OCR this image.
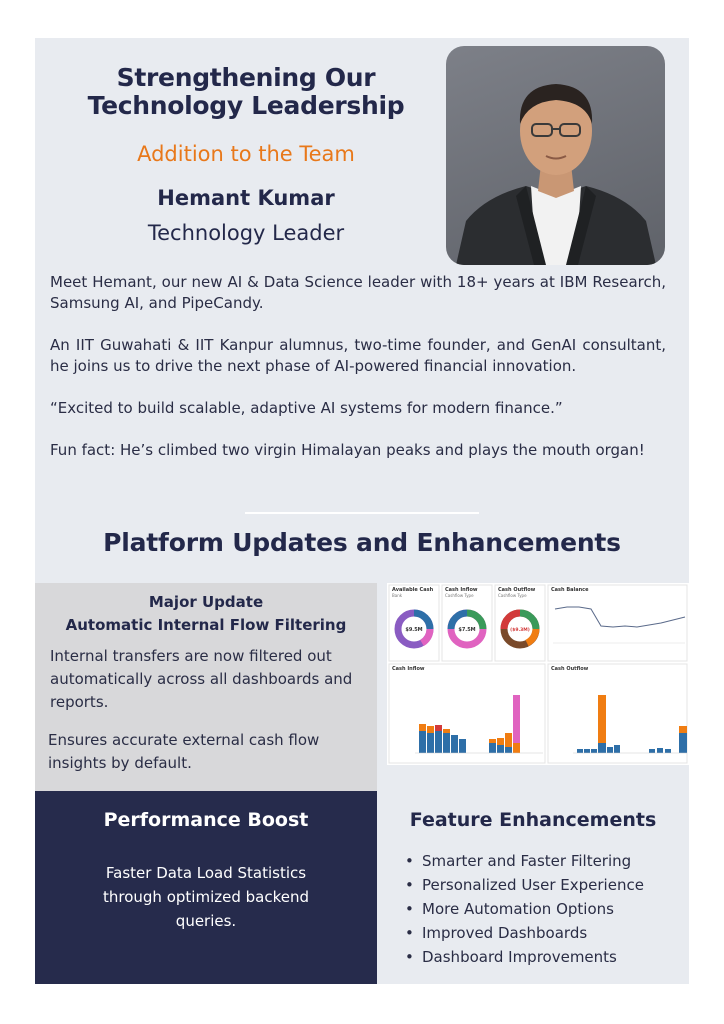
Strengthening Our
Technology Leadership
Addition to the Team
Hemant Kumar
Technology Leader

Meet Hemant, our new AI & Data Science leader with 18+ years at IBM Research, Samsung AI, and PipeCandy.

An IIT Guwahati & IIT Kanpur alumnus, two-time founder, and GenAI consultant, he joins us to drive the next phase of AI-powered financial innovation.

“Excited to build scalable, adaptive AI systems for modern finance.”

Fun fact: He’s climbed two virgin Himalayan peaks and plays the mouth organ!

Platform Updates and Enhancements
Major Update
Automatic Internal Flow Filtering
Internal transfers are now filtered out automatically across all dashboards and reports.
Ensures accurate external cash flow insights by default.
Available Cash Cash Inflow	Cash Outflow
Bank	Cashflow Type	Cashflow Type
$9.5M	$7.5M	($9.3M)
Cash Balance
Cash Inflow	Cash Outflow
Performance Boost
Faster Data Load Statistics through optimized backend queries.
Feature Enhancements
• Smarter and Faster Filtering
• Personalized User Experience
• More Automation Options
• Improved Dashboards
• Dashboard Improvements
